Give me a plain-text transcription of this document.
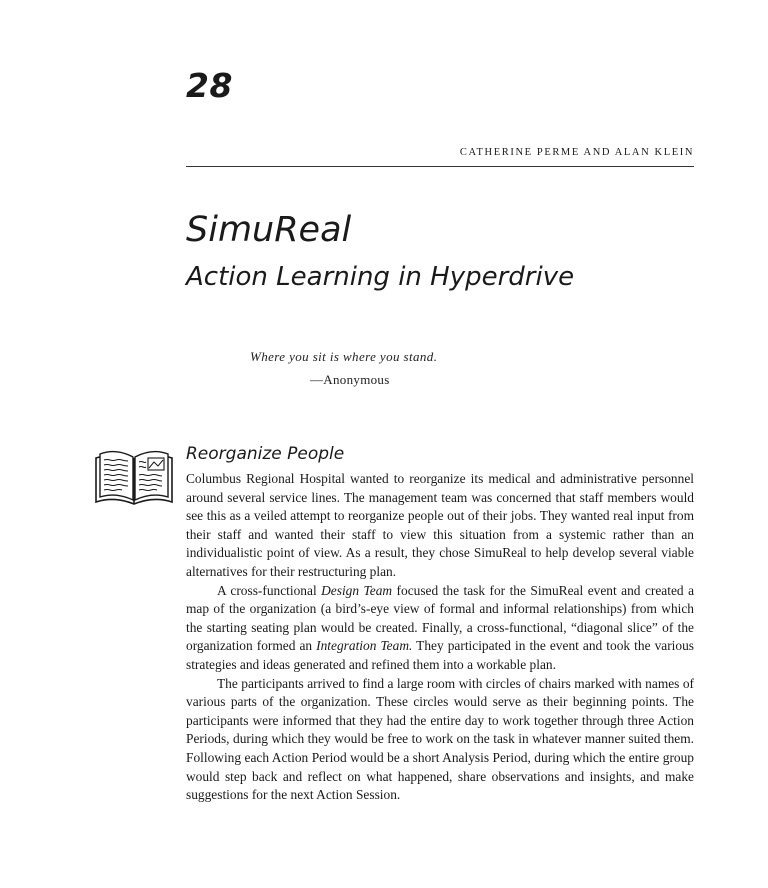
28
CATHERINE PERME AND ALAN KLEIN
SimuReal
Action Learning in Hyperdrive
Where you sit is where you stand.
—Anonymous
Reorganize People

Columbus Regional Hospital wanted to reorganize its medical and administrative personnel around several service lines. The management team was concerned that staff members would see this as a veiled attempt to reorganize people out of their jobs. They wanted real input from their staff and wanted their staff to view this situation from a systemic rather than an individualistic point of view. As a result, they chose SimuReal to help develop several viable alternatives for their restructuring plan.

A cross-functional Design Team focused the task for the SimuReal event and created a map of the organization (a bird’s-eye view of formal and informal relationships) from which the starting seating plan would be created. Finally, a cross-functional, “diagonal slice” of the organization formed an Integration Team. They participated in the event and took the various strategies and ideas generated and refined them into a workable plan.

The participants arrived to find a large room with circles of chairs marked with names of various parts of the organization. These circles would serve as their beginning points. The participants were informed that they had the entire day to work together through three Action Periods, during which they would be free to work on the task in whatever manner suited them. Following each Action Period would be a short Analysis Period, during which the entire group would step back and reflect on what happened, share observations and insights, and make suggestions for the next Action Session.
